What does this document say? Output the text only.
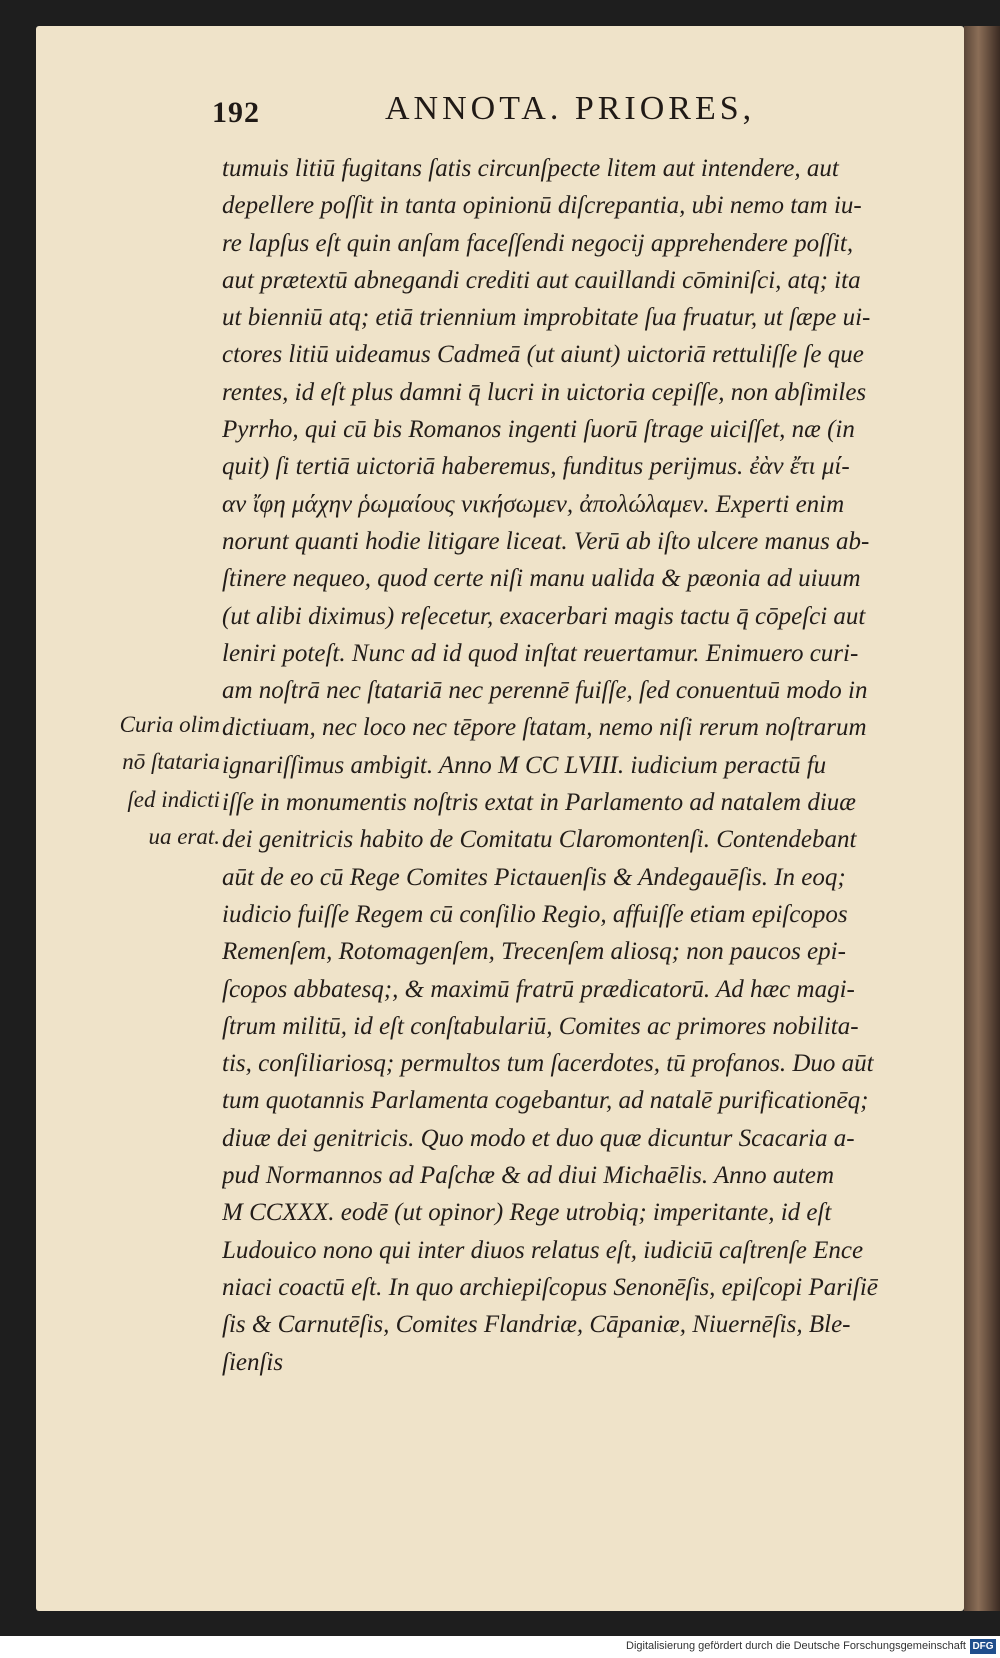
192	ANNOTA. PRIORES,
Curia olim
nō ſtataria
ſed indicti
ua erat.
tumuis litiū fugitans ſatis circunſpecte litem aut intendere, aut
depellere poſſit in tanta opinionū diſcrepantia, ubi nemo tam iu-
re lapſus eſt quin anſam faceſſendi negocij apprehendere poſſit,
aut prætextū abnegandi crediti aut cauillandi cōminiſci, atq; ita
ut bienniū atq; etiā triennium improbitate ſua fruatur, ut ſæpe ui-
ctores litiū uideamus Cadmeā (ut aiunt) uictoriā rettuliſſe ſe que
rentes, id eſt plus damni q̄ lucri in uictoria cepiſſe, non abſimiles
Pyrrho, qui cū bis Romanos ingenti ſuorū ſtrage uiciſſet, næ (in
quit) ſi tertiā uictoriā haberemus, funditus perijmus. ἐὰν ἔτι μί-
αν ἴφη μάχην ῥωμαίους νικήσωμεν, ἀπολώλαμεν. Experti enim
norunt quanti hodie litigare liceat. Verū ab iſto ulcere manus ab-
ſtinere nequeo, quod certe niſi manu ualida & pæonia ad uiuum
(ut alibi diximus) reſecetur, exacerbari magis tactu q̄ cōpeſci aut
leniri poteſt. Nunc ad id quod inſtat reuertamur. Enimuero curi-
am noſtrā nec ſtatariā nec perennē fuiſſe, ſed conuentuū modo in
dictiuam, nec loco nec tēpore ſtatam, nemo niſi rerum noſtrarum
ignariſſimus ambigit. Anno M CC LVIII. iudicium peractū fu
iſſe in monumentis noſtris extat in Parlamento ad natalem diuæ
dei genitricis habito de Comitatu Claromontenſi. Contendebant
aūt de eo cū Rege Comites Pictauenſis & Andegauēſis. In eoq;
iudicio fuiſſe Regem cū conſilio Regio, affuiſſe etiam epiſcopos
Remenſem, Rotomagenſem, Trecenſem aliosq; non paucos epi-
ſcopos abbatesq;, & maximū fratrū prædicatorū. Ad hæc magi-
ſtrum militū, id eſt conſtabulariū, Comites ac primores nobilita-
tis, conſiliariosq; permultos tum ſacerdotes, tū profanos. Duo aūt
tum quotannis Parlamenta cogebantur, ad natalē purificationēq;
diuæ dei genitricis. Quo modo et duo quæ dicuntur Scacaria a-
pud Normannos ad Paſchæ & ad diui Michaēlis. Anno autem
M CCXXX. eodē (ut opinor) Rege utrobiq; imperitante, id eſt
Ludouico nono qui inter diuos relatus eſt, iudiciū caſtrenſe Ence
niaci coactū eſt. In quo archiepiſcopus Senonēſis, epiſcopi Pariſiē
ſis & Carnutēſis, Comites Flandriæ, Cāpaniæ, Niuernēſis, Ble-
ſienſis
Digitalisierung gefördert durch die Deutsche Forschungsgemeinschaft DFG
